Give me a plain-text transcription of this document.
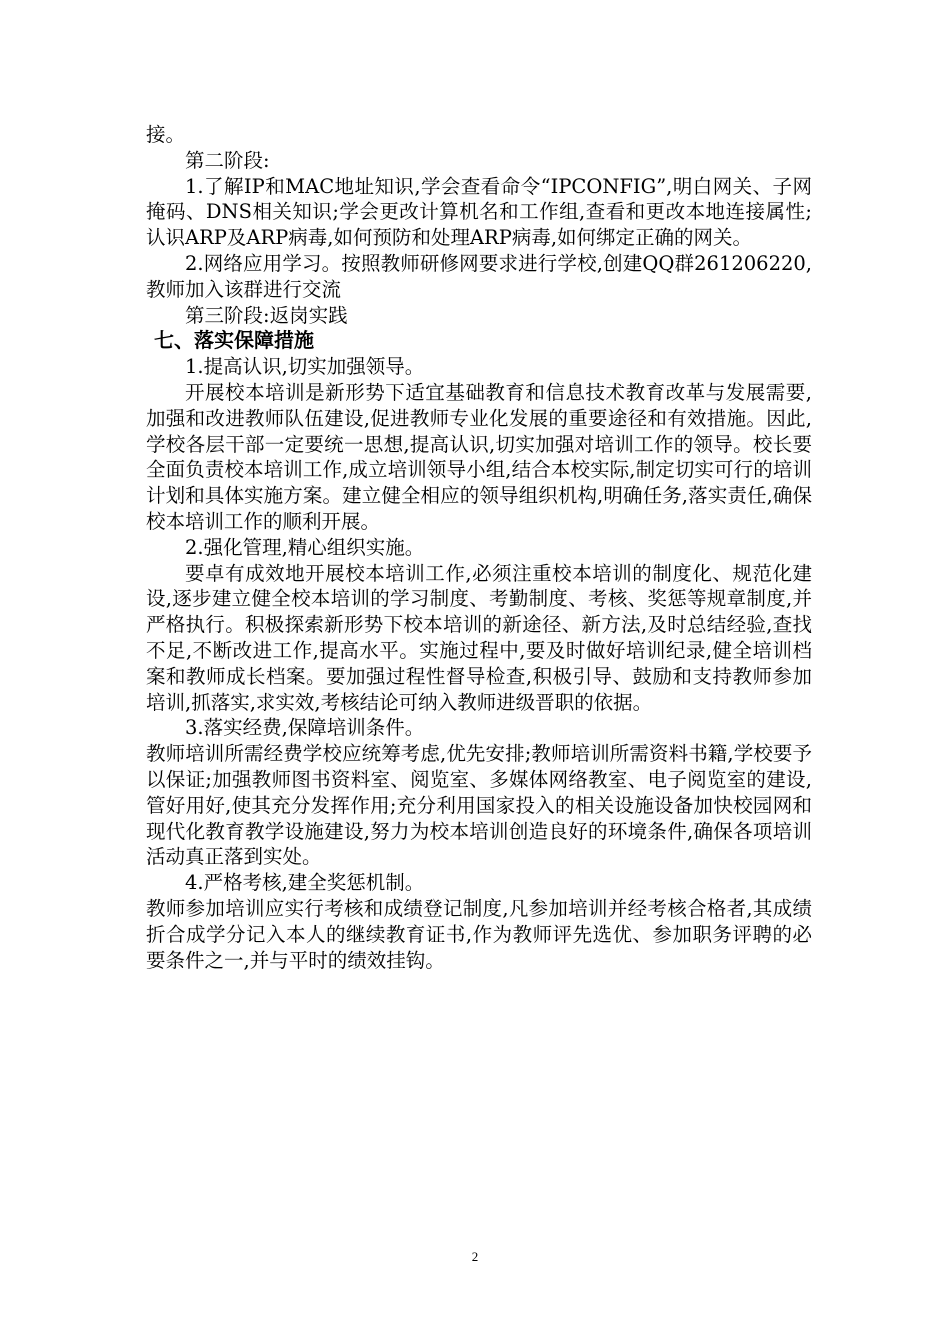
接。

第二阶段:

1.了解IP和MAC地址知识,学会查看命令“IPCONFIG”,明白网关、子网掩码、DNS相关知识;学会更改计算机名和工作组,查看和更改本地连接属性;认识ARP及ARP病毒,如何预防和处理ARP病毒,如何绑定正确的网关。

2.网络应用学习。按照教师研修网要求进行学校,创建QQ群261206220,教师加入该群进行交流

第三阶段:返岗实践

七、落实保障措施

1.提高认识,切实加强领导。

开展校本培训是新形势下适宜基础教育和信息技术教育改革与发展需要,加强和改进教师队伍建设,促进教师专业化发展的重要途径和有效措施。因此,学校各层干部一定要统一思想,提高认识,切实加强对培训工作的领导。校长要全面负责校本培训工作,成立培训领导小组,结合本校实际,制定切实可行的培训计划和具体实施方案。建立健全相应的领导组织机构,明确任务,落实责任,确保校本培训工作的顺利开展。

2.强化管理,精心组织实施。

要卓有成效地开展校本培训工作,必须注重校本培训的制度化、规范化建设,逐步建立健全校本培训的学习制度、考勤制度、考核、奖惩等规章制度,并严格执行。积极探索新形势下校本培训的新途径、新方法,及时总结经验,查找不足,不断改进工作,提高水平。实施过程中,要及时做好培训纪录,健全培训档案和教师成长档案。要加强过程性督导检查,积极引导、鼓励和支持教师参加培训,抓落实,求实效,考核结论可纳入教师进级晋职的依据。

3.落实经费,保障培训条件。

教师培训所需经费学校应统筹考虑,优先安排;教师培训所需资料书籍,学校要予以保证;加强教师图书资料室、阅览室、多媒体网络教室、电子阅览室的建设,管好用好,使其充分发挥作用;充分利用国家投入的相关设施设备加快校园网和现代化教育教学设施建设,努力为校本培训创造良好的环境条件,确保各项培训活动真正落到实处。

4.严格考核,建全奖惩机制。

教师参加培训应实行考核和成绩登记制度,凡参加培训并经考核合格者,其成绩折合成学分记入本人的继续教育证书,作为教师评先选优、参加职务评聘的必要条件之一,并与平时的绩效挂钩。

2
